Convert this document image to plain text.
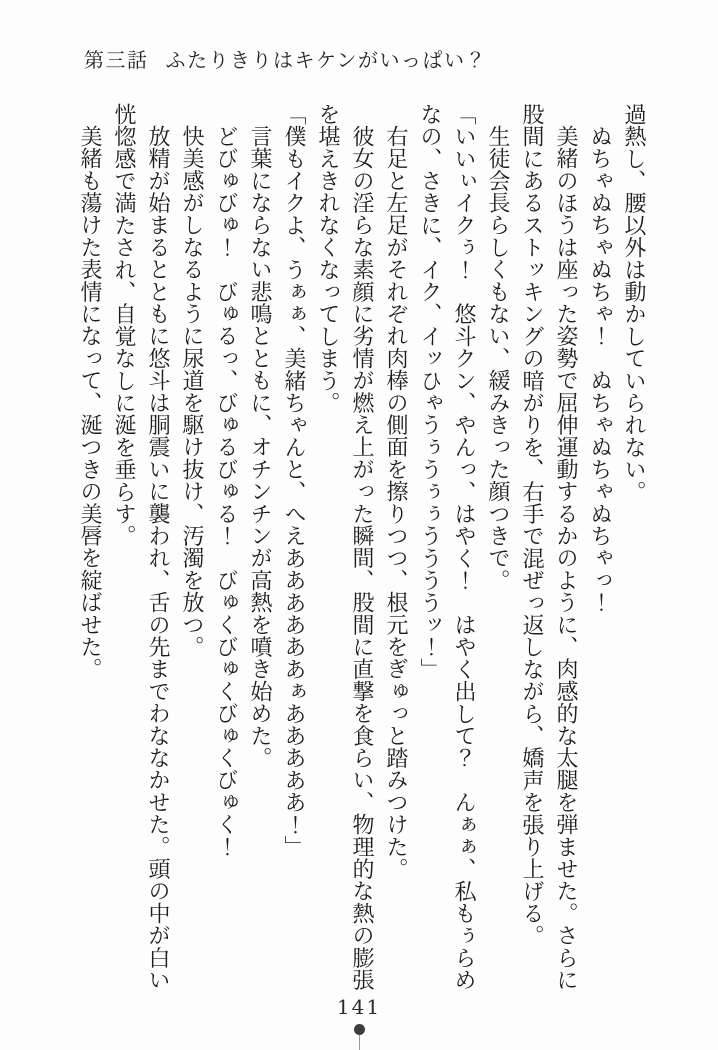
第三話 ふたりきりはキケンがいっぱい？

過熱し、腰以外は動かしていられない。

ぬちゃぬちゃぬちゃ！　ぬちゃぬちゃぬちゃっ！

美緒のほうは座った姿勢で屈伸運動するかのように、肉感的な太腿を弾ませた。さらに股間にあるストッキングの暗がりを、右手で混ぜっ返しながら、嬌声を張り上げる。

生徒会長らしくもない、緩みきった顔つきで。

「いいぃイクぅ！　悠斗クン、やんっ、はやく！　はやく出して？　んぁぁ、私もぅらめなの、さきに、イク、イッひゃうぅうぅぅううううッ！」

右足と左足がそれぞれ肉棒の側面を擦りつつ、根元をぎゅっと踏みつけた。

彼女の淫らな素顔に劣情が燃え上がった瞬間、股間に直撃を食らい、物理的な熱の膨張を堪えきれなくなってしまう。

「僕もイクよ、うぁぁ、美緒ちゃんと、へえああああああぁあああああ！」

言葉にならない悲鳴とともに、オチンチンが高熱を噴き始めた。

どびゅびゅ！　びゅるっ、びゅるびゅる！　びゅくびゅくびゅくびゅく！

快美感がしなるように尿道を駆け抜け、汚濁を放つ。

放精が始まるとともに悠斗は胴震いに襲われ、舌の先までわななかせた。頭の中が白い恍惚感で満たされ、自覚なしに涎を垂らす。

美緒も蕩けた表情になって、涎つきの美唇を綻ばせた。

141
